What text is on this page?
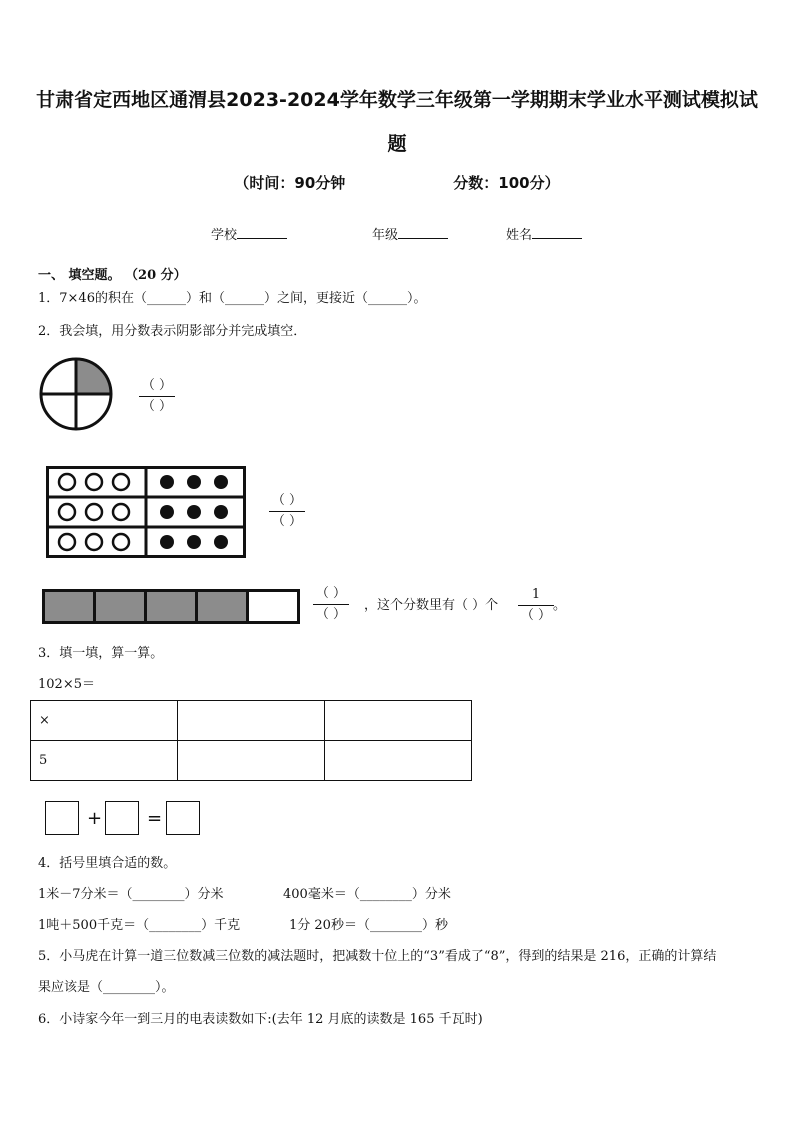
甘肃省定西地区通渭县2023-2024学年数学三年级第一学期期末学业水平测试模拟试题
（时间：90分钟	分数：100分）
学校	年级	姓名
一、 填空题。 （20 分）
1．7×46的积在（______）和（______）之间，更接近（______）。
2．我会填，用分数表示阴影部分并完成填空．
（ ）
（ ）
（ ）
（ ）
（ ）
（ ）
，这个分数里有（ ）个
1
（ ）
。
3．填一填，算一算。
102×5＝
×		
5		
+ =
4．括号里填合适的数。
1米－7分米＝（________）分米	400毫米＝（________）分米
1吨＋500千克＝（________）千克	1分 20秒＝（________）秒
5．小马虎在计算一道三位数减三位数的减法题时，把减数十位上的“3”看成了“8”，得到的结果是 216，正确的计算结
果应该是（________）。
6．小诗家今年一到三月的电表读数如下:(去年 12 月底的读数是 165 千瓦时)
